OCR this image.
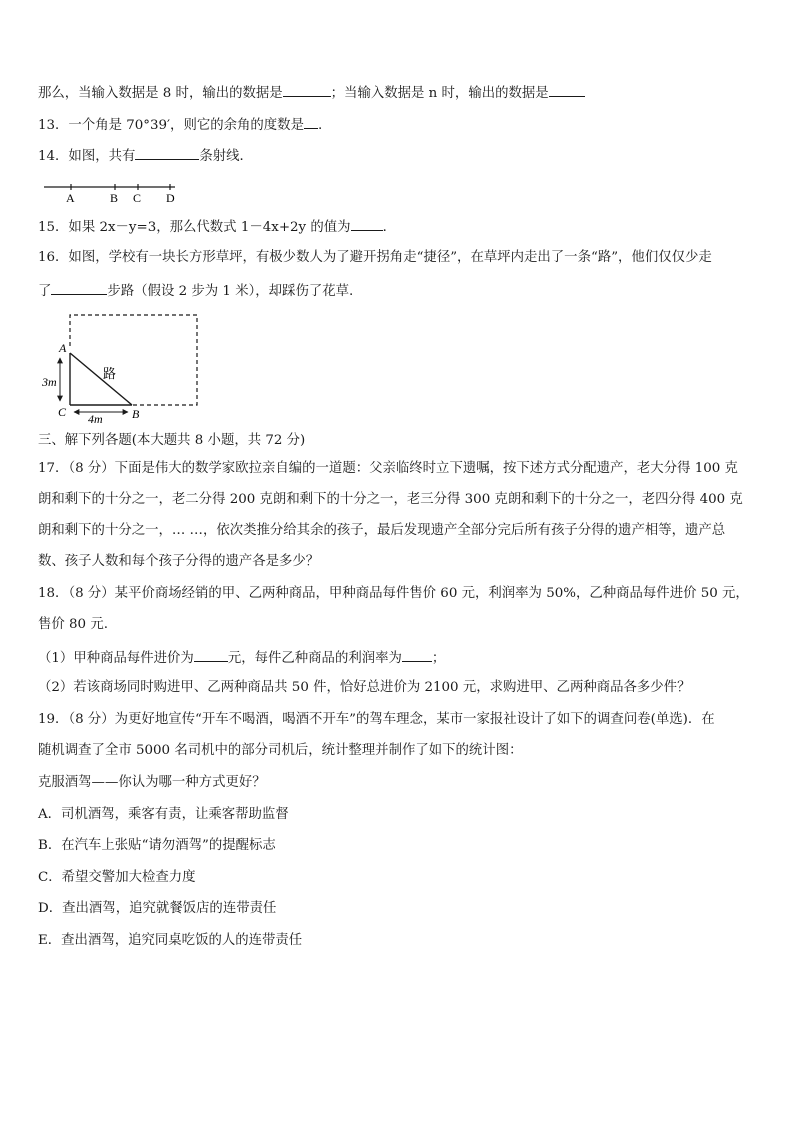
那么，当输入数据是 8 时，输出的数据是	；当输入数据是 n 时，输出的数据是
13．一个角是 70°39′，则它的余角的度数是 .
14．如图，共有	条射线．
A	B C D
15．如果 2x－y=3，那么代数式 1－4x+2y 的值为 ．
16．如图，学校有一块长方形草坪，有极少数人为了避开拐角走“捷径”，在草坪内走出了一条“路”，他们仅仅少走
了	步路（假设 2 步为 1 米），却踩伤了花草.
A
C	B
路
3m
4m
三、解下列各题(本大题共 8 小题，共 72 分)
17．（8 分）下面是伟大的数学家欧拉亲自编的一道题：父亲临终时立下遗嘱，按下述方式分配遗产，老大分得 100 克
朗和剩下的十分之一，老二分得 200 克朗和剩下的十分之一，老三分得 300 克朗和剩下的十分之一，老四分得 400 克
朗和剩下的十分之一，… …，依次类推分给其余的孩子，最后发现遗产全部分完后所有孩子分得的遗产相等，遗产总
数、孩子人数和每个孩子分得的遗产各是多少？
18．（8 分）某平价商场经销的甲、乙两种商品，甲种商品每件售价 60 元，利润率为 50%，乙种商品每件进价 50 元，
售价 80 元.
（1）甲种商品每件进价为	元，每件乙种商品的利润率为 ；
（2）若该商场同时购进甲、乙两种商品共 50 件，恰好总进价为 2100 元，求购进甲、乙两种商品各多少件？
19．（8 分）为更好地宣传“开车不喝酒，喝酒不开车”的驾车理念，某市一家报社设计了如下的调查问卷(单选)．在
随机调查了全市 5000 名司机中的部分司机后，统计整理并制作了如下的统计图：
克服酒驾——你认为哪一种方式更好？
A．司机酒驾，乘客有责，让乘客帮助监督
B．在汽车上张贴“请勿酒驾”的提醒标志
C．希望交警加大检查力度
D．查出酒驾，追究就餐饭店的连带责任
E．查出酒驾，追究同桌吃饭的人的连带责任
